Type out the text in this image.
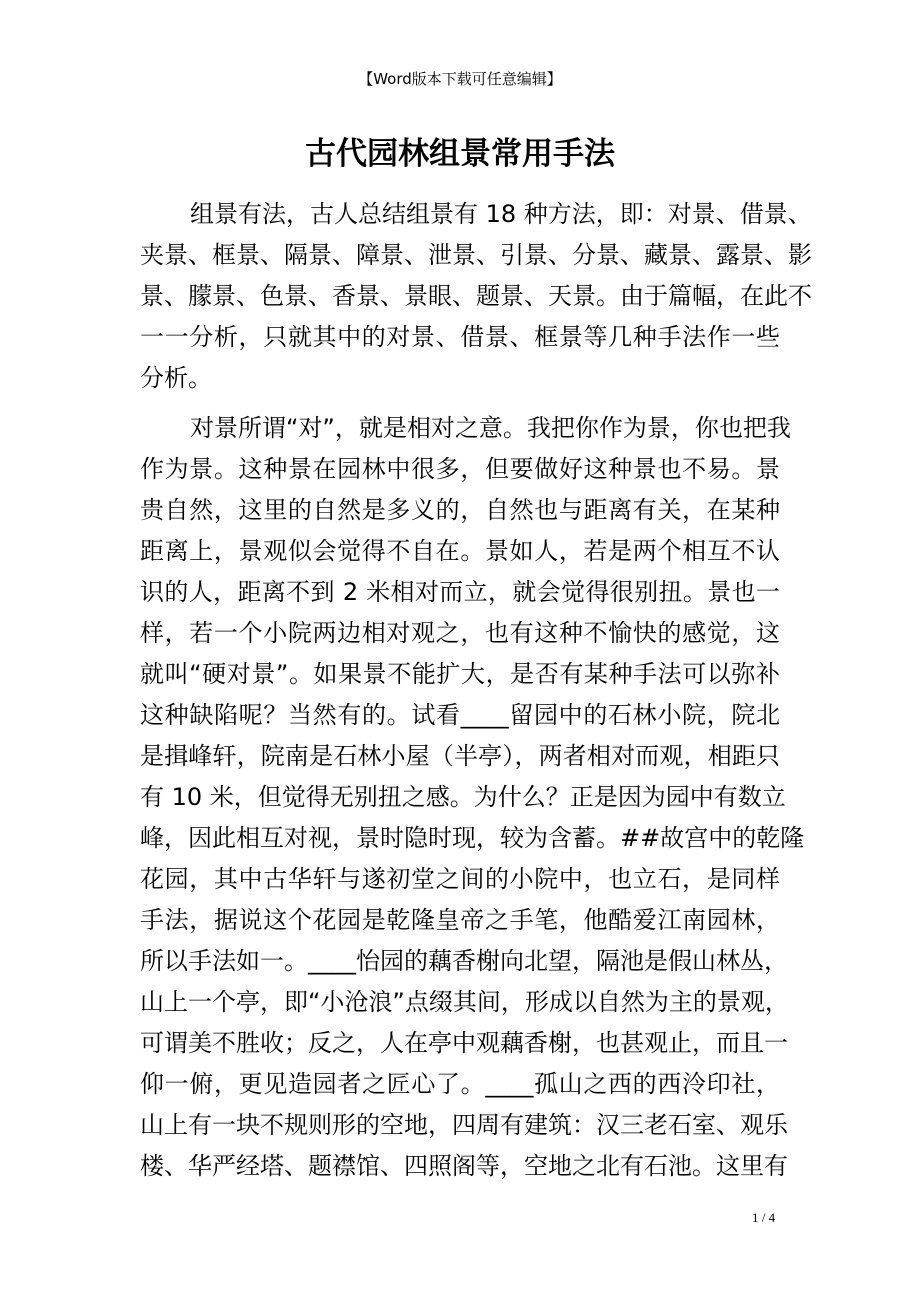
【Word版本下载可任意编辑】
古代园林组景常用手法
组景有法，古人总结组景有 18 种方法，即：对景、借景、
夹景、框景、隔景、障景、泄景、引景、分景、藏景、露景、影
景、朦景、色景、香景、景眼、题景、天景。由于篇幅，在此不
一一分析，只就其中的对景、借景、框景等几种手法作一些
分析。
对景所谓“对”，就是相对之意。我把你作为景，你也把我
作为景。这种景在园林中很多，但要做好这种景也不易。景
贵自然，这里的自然是多义的，自然也与距离有关，在某种
距离上，景观似会觉得不自在。景如人，若是两个相互不认
识的人，距离不到 2 米相对而立，就会觉得很别扭。景也一
样，若一个小院两边相对观之，也有这种不愉快的感觉，这
就叫“硬对景”。如果景不能扩大，是否有某种手法可以弥补
这种缺陷呢？当然有的。试看____留园中的石林小院，院北
是揖峰轩，院南是石林小屋（半亭），两者相对而观，相距只
有 10 米，但觉得无别扭之感。为什么？正是因为园中有数立
峰，因此相互对视，景时隐时现，较为含蓄。##故宫中的乾隆
花园，其中古华轩与遂初堂之间的小院中，也立石，是同样
手法，据说这个花园是乾隆皇帝之手笔，他酷爱江南园林，
所以手法如一。____怡园的藕香榭向北望，隔池是假山林丛，
山上一个亭，即“小沧浪”点缀其间，形成以自然为主的景观，
可谓美不胜收；反之，人在亭中观藕香榭，也甚观止，而且一
仰一俯，更见造园者之匠心了。____孤山之西的西泠印社，
山上有一块不规则形的空地，四周有建筑：汉三老石室、观乐
楼、华严经塔、题襟馆、四照阁等，空地之北有石池。这里有
1 / 4
